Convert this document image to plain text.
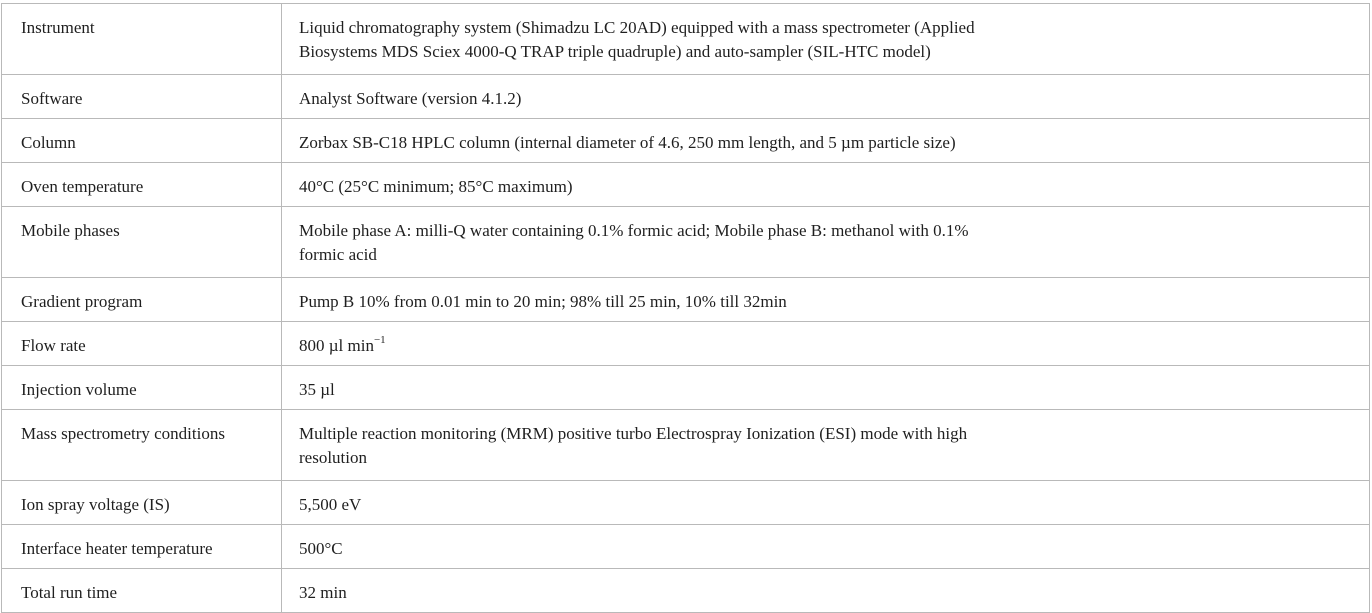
Instrument	Liquid chromatography system (Shimadzu LC 20AD) equipped with a mass spectrometer (Applied
Biosystems MDS Sciex 4000-Q TRAP triple quadruple) and auto-sampler (SIL-HTC model)
Software	Analyst Software (version 4.1.2)
Column	Zorbax SB-C18 HPLC column (internal diameter of 4.6, 250 mm length, and 5 µm particle size)
Oven temperature	40°C (25°C minimum; 85°C maximum)
Mobile phases	Mobile phase A: milli-Q water containing 0.1% formic acid; Mobile phase B: methanol with 0.1%
formic acid
Gradient program	Pump B 10% from 0.01 min to 20 min; 98% till 25 min, 10% till 32min
Flow rate	800 µl $\min^{-1}$
Injection volume	35 µl
Mass spectrometry conditions	Multiple reaction monitoring (MRM) positive turbo Electrospray Ionization (ESI) mode with high
resolution
Ion spray voltage (IS)	5,500 eV
Interface heater temperature	500°C
Total run time	32 min
